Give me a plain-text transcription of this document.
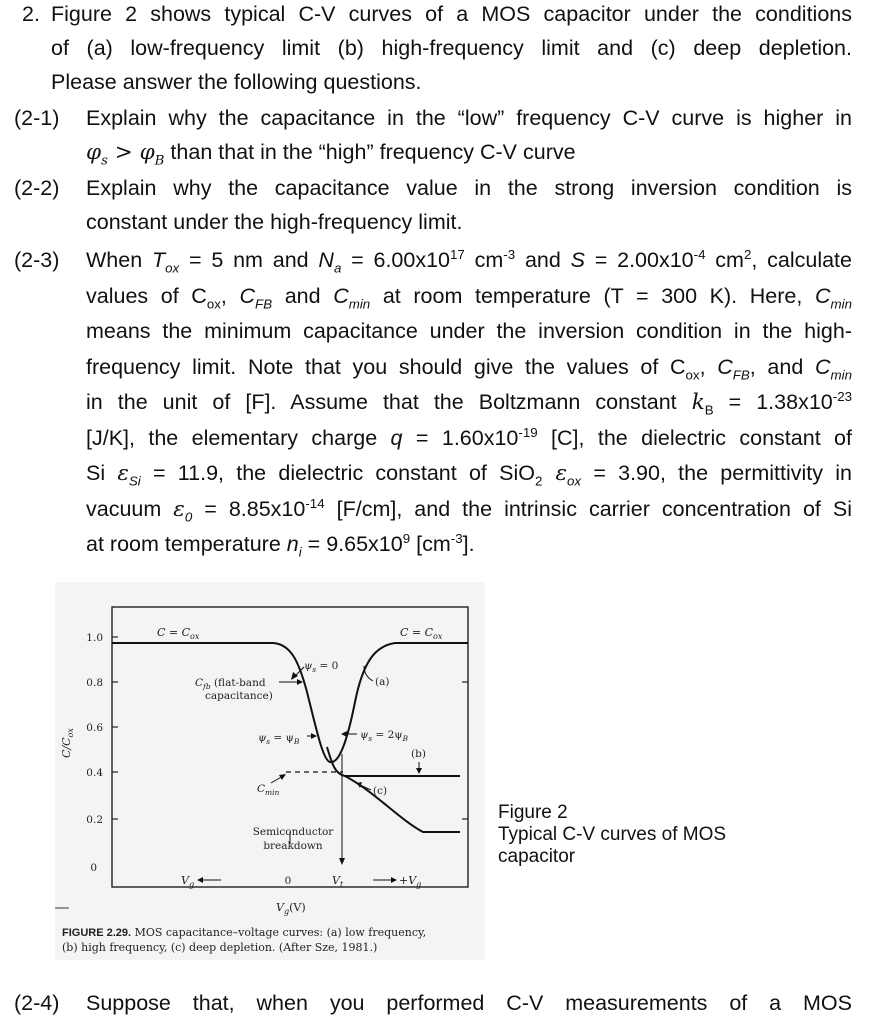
2. Figure 2 shows typical C-V curves of a MOS capacitor under the conditions
of (a) low-frequency limit (b) high-frequency limit and (c) deep depletion.
Please answer the following questions.
(2-1) Explain why the capacitance in the “low” frequency C-V curve is higher in
$\varphi_s > \varphi_B$ than that in the “high” frequency C-V curve
(2-2) Explain why the capacitance value in the strong inversion condition is
constant under the high-frequency limit.
(2-3) When $T_{ox} = 5$ nm and $N_a = 6.00x10^{17}$ $cm^{-3}$ and $S = 2.00x10^{-4}$ $cm^2$, calculate
values of $C_{ox}$, $C_{FB}$ and $C_{min}$ at room temperature (T = 300 K). Here, $C_{min}$
means the minimum capacitance under the inversion condition in the high-
frequency limit. Note that you should give the values of $C_{ox}$, $C_{FB}$, and $C_{min}$
in the unit of [F]. Assume that the Boltzmann constant $k_B = 1.38x10^{-23}$
[J/K], the elementary charge $q = 1.60x10^{-19}$ [C], the dielectric constant of
Si $\varepsilon_{Si} = 11.9$, the dielectric constant of SiO$_2$ $\varepsilon_{ox} = 3.90$, the permittivity in
vacuum $\varepsilon_0 = 8.85x10^{-14}$ [F/cm], and the intrinsic carrier concentration of Si
at room temperature $n_i = 9.65x10^9$ $[cm^{-3}]$.
1.0
0.8
0.6
0.4
0.2
0
$C/C_{ox}$
$C = C_{ox}$	$C = C_{ox}$
$C_{fb}$ (flat-band
capacitance)
$\psi_s = 0$
(a)
$\psi_s = \psi_B$
$\psi_s = 2\psi_B$
(b)
(c)
$C_{min}$
Semiconductor
breakdown
$V_g$	0	$V_t$	$+V_g$
$V_g(V)$
FIGURE 2.29. MOS capacitance–voltage curves: (a) low frequency,
(b) high frequency, (c) deep depletion. (After Sze, 1981.)
Figure 2
Typical C-V curves of MOS
capacitor
(2-4) Suppose that, when you performed C-V measurements of a MOS
